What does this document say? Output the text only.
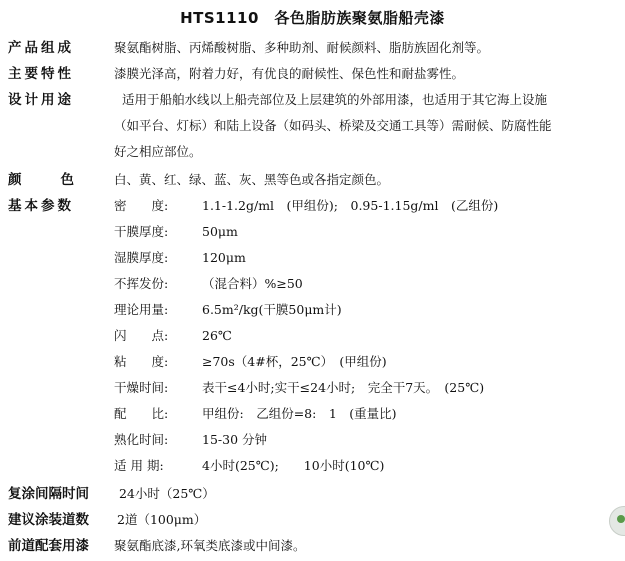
HTS1110　各色脂肪族聚氨脂船壳漆
产品组成	聚氨酯树脂、丙烯酸树脂、多种助剂、耐候颜料、脂肪族固化剂等。
主要特性	漆膜光泽高，附着力好，有优良的耐候性、保色性和耐盐雾性。
设计用途	适用于船舶水线以上船壳部位及上层建筑的外部用漆，也适用于其它海上设施
（如平台、灯标）和陆上设备（如码头、桥梁及交通工具等）需耐候、防腐性能
好之相应部位。
颜　　色	白、黄、红、绿、蓝、灰、黑等色或各指定颜色。
基本参数	密　　度:	1.1-1.2g/ml　(甲组份);　0.95-1.15g/ml　(乙组份)
干膜厚度:	50μm
湿膜厚度:	120μm
不挥发份:	（混合料）%≥50
理论用量:	6.5m²/kg(干膜50μm计)
闪　　点:	26℃
粘　　度:	≥70s（4#杯，25℃）　(甲组份)
干燥时间:	表干≤4小时;实干≤24小时;　完全干7天。　(25℃)
配　　比:	甲组份:　乙组份=8:　1　(重量比)
熟化时间:	15-30 分钟
适 用 期:	4小时(25℃);　　10小时(10℃)
复涂间隔时间 24小时（25℃）
建议涂装道数 2道（100μm）
前道配套用漆 聚氨酯底漆,环氧类底漆或中间漆。
